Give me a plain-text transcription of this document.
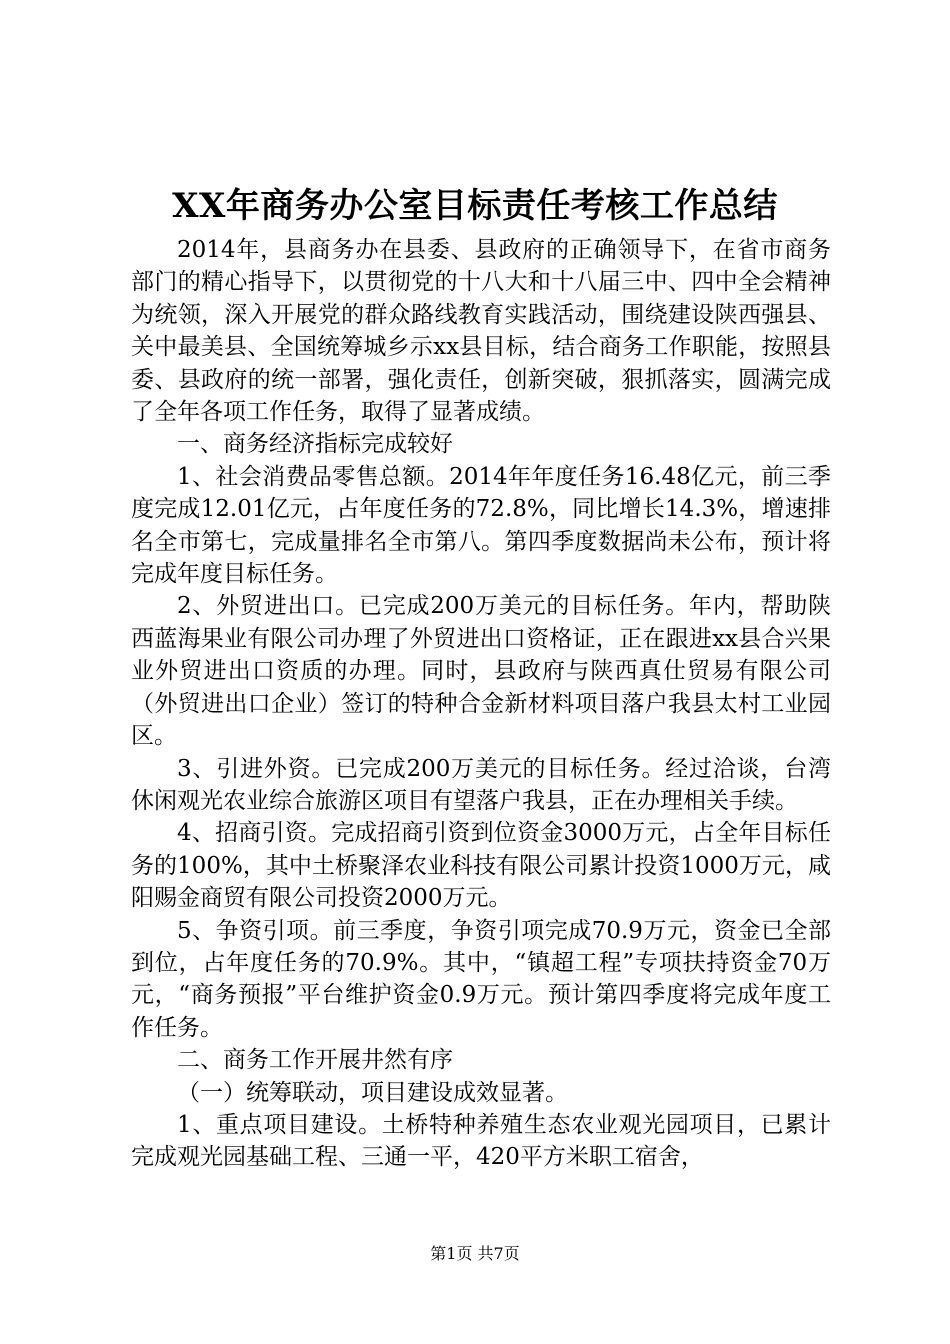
XX年商务办公室目标责任考核工作总结

2014年，县商务办在县委、县政府的正确领导下，在省市商务部门的精心指导下，以贯彻党的十八大和十八届三中、四中全会精神为统领，深入开展党的群众路线教育实践活动，围绕建设陕西强县、关中最美县、全国统筹城乡示xx县目标，结合商务工作职能，按照县委、县政府的统一部署，强化责任，创新突破，狠抓落实，圆满完成了全年各项工作任务，取得了显著成绩。

一、商务经济指标完成较好

1、社会消费品零售总额。2014年年度任务16.48亿元，前三季度完成12.01亿元，占年度任务的72.8%，同比增长14.3%，增速排名全市第七，完成量排名全市第八。第四季度数据尚未公布，预计将完成年度目标任务。

2、外贸进出口。已完成200万美元的目标任务。年内，帮助陕西蓝海果业有限公司办理了外贸进出口资格证，正在跟进xx县合兴果业外贸进出口资质的办理。同时，县政府与陕西真仕贸易有限公司（外贸进出口企业）签订的特种合金新材料项目落户我县太村工业园区。

3、引进外资。已完成200万美元的目标任务。经过洽谈，台湾休闲观光农业综合旅游区项目有望落户我县，正在办理相关手续。

4、招商引资。完成招商引资到位资金3000万元，占全年目标任务的100%，其中土桥聚泽农业科技有限公司累计投资1000万元，咸阳赐金商贸有限公司投资2000万元。

5、争资引项。前三季度，争资引项完成70.9万元，资金已全部到位，占年度任务的70.9%。其中，“镇超工程”专项扶持资金70万元，“商务预报”平台维护资金0.9万元。预计第四季度将完成年度工作任务。

二、商务工作开展井然有序

（一）统筹联动，项目建设成效显著。

1、重点项目建设。土桥特种养殖生态农业观光园项目，已累计完成观光园基础工程、三通一平，420平方米职工宿舍，

第1页 共7页
